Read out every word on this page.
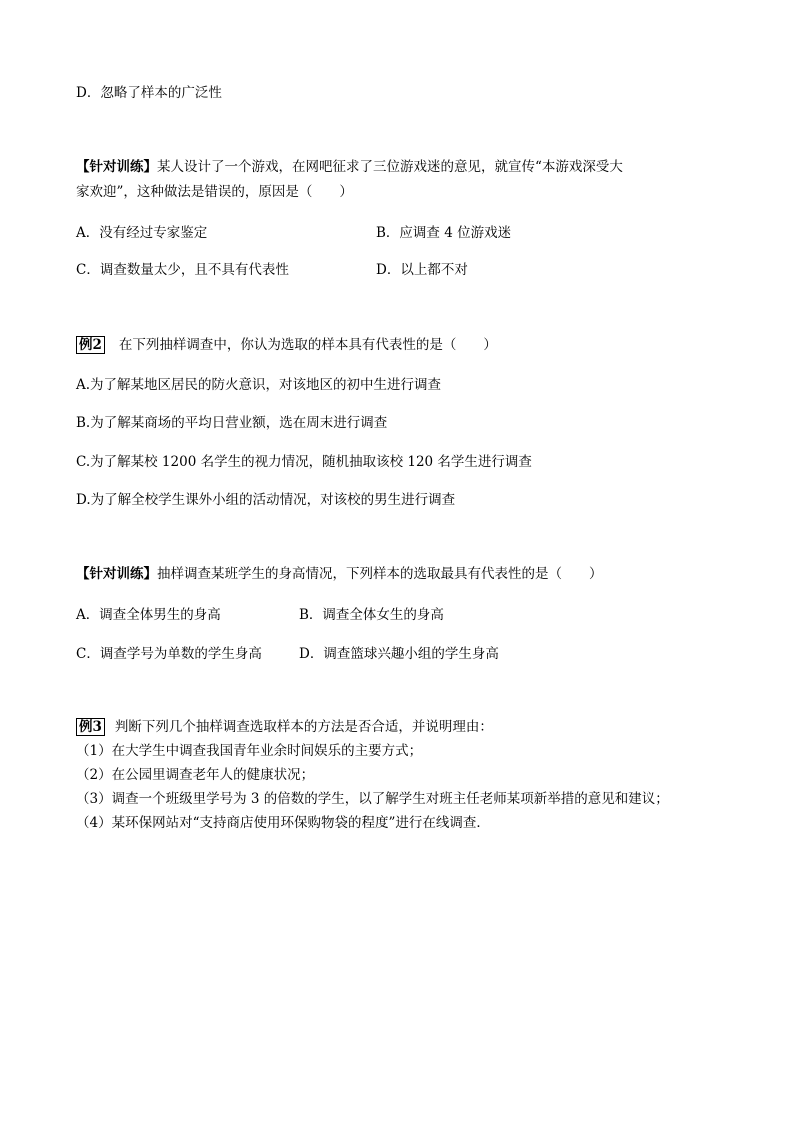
D．忽略了样本的广泛性
【针对训练】某人设计了一个游戏，在网吧征求了三位游戏迷的意见，就宣传“本游戏深受大
家欢迎”，这种做法是错误的，原因是（　　）
A．没有经过专家鉴定	B．应调查 4 位游戏迷
C．调查数量太少，且不具有代表性	D．以上都不对
例2 在下列抽样调查中，你认为选取的样本具有代表性的是（　　）
A.为了解某地区居民的防火意识，对该地区的初中生进行调查
B.为了解某商场的平均日营业额，选在周末进行调查
C.为了解某校 1200 名学生的视力情况，随机抽取该校 120 名学生进行调查
D.为了解全校学生课外小组的活动情况，对该校的男生进行调查
【针对训练】抽样调查某班学生的身高情况，下列样本的选取最具有代表性的是（　　）
A．调查全体男生的身高	B．调查全体女生的身高
C．调查学号为单数的学生身高	D．调查篮球兴趣小组的学生身高
例3 判断下列几个抽样调查选取样本的方法是否合适，并说明理由：
（1）在大学生中调查我国青年业余时间娱乐的主要方式；
（2）在公园里调查老年人的健康状况；
（3）调查一个班级里学号为 3 的倍数的学生，以了解学生对班主任老师某项新举措的意见和建议；
（4）某环保网站对“支持商店使用环保购物袋的程度”进行在线调查．
